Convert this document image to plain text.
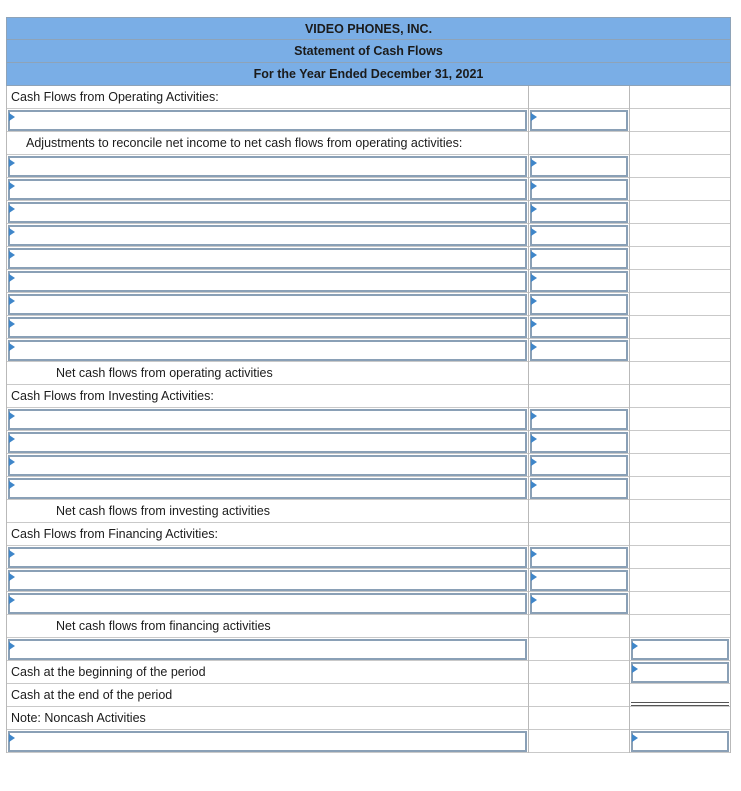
VIDEO PHONES, INC.
Statement of Cash Flows
For the Year Ended December 31, 2021
Cash Flows from Operating Activities:
Adjustments to reconcile net income to net cash flows from operating activities:
Net cash flows from operating activities
Cash Flows from Investing Activities:
Net cash flows from investing activities
Cash Flows from Financing Activities:
Net cash flows from financing activities
Cash at the beginning of the period
Cash at the end of the period
Note: Noncash Activities
